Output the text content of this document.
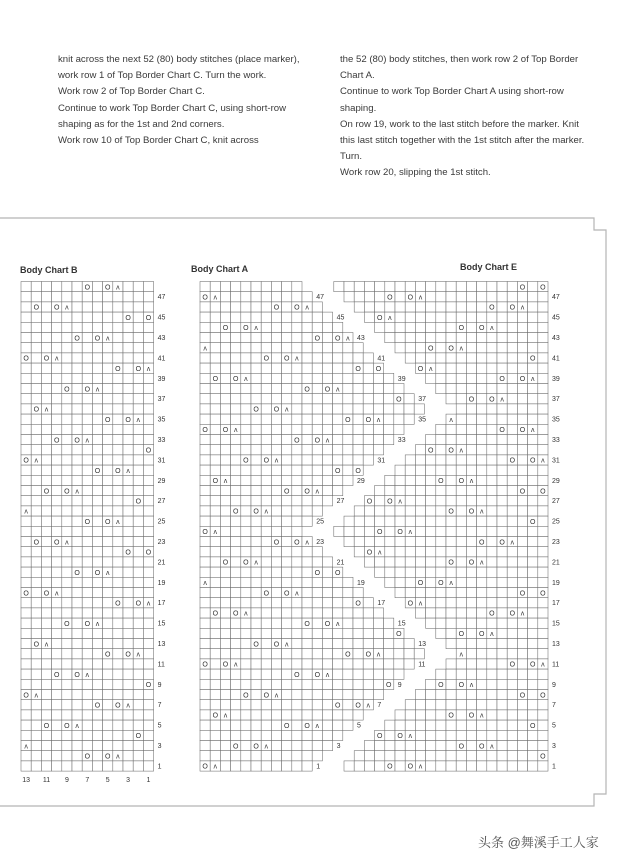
knit across the next 52 (80) body stitches (place marker), work row 1 of Top Border Chart C. Turn the work.

Work row 2 of Top Border Chart C.

Continue to work Top Border Chart C, using short-row shaping as for the 1st and 2nd corners.

Work row 10 of Top Border Chart C, knit across

the 52 (80) body stitches, then work row 2 of Top Border Chart A.

Continue to work Top Border Chart A using short-row shaping.

On row 19, work to the last stitch before the marker. Knit this last stitch together with the 1st stitch after the marker. Turn.

Work row 20, slipping the 1st stitch.

Body Chart B	Body Chart A	Body Chart E
O O ʌ
O O ʌ
O O
O O ʌ
O O ʌ
O O ʌ
O O ʌ
O ʌ
O O ʌ
O O ʌ
O
O ʌ
O O ʌ
O O ʌ
O
ʌ
O O ʌ
O O ʌ
O O
O O ʌ
O O ʌ
O O ʌ
O O ʌ
O ʌ
O O ʌ
O O ʌ
O
O ʌ
O O ʌ
O O ʌ
O
ʌ
O O ʌ
47
45
43
41
39
37
35
33
31
29
27
25
23
21
19
17
15
13
11
9
7
5
3
1
13 11 9 7 5 3 1
O ʌ
O O ʌ
O O ʌ
O O ʌ
ʌ
O O ʌ
O O
O O ʌ
O O ʌ
O
O O ʌ
O O ʌ
O O ʌ
O O ʌ
O O ʌ
O O
O ʌ
O O ʌ
O O ʌ
O ʌ
O O ʌ
O O ʌ
O O
ʌ
O O ʌ
O
O O ʌ
O O ʌ
O
O O ʌ
O O ʌ
O O ʌ
O O ʌ
O
O O ʌ
O O ʌ
O ʌ
O O ʌ
O O ʌ
O ʌ
47
45
43
41
39
37
35
33
31
29
27
25
23
21
19
17
15
13
11
9
7
5
3
1
O O
O O ʌ
O O ʌ
O ʌ
O O ʌ
O O ʌ
O
O ʌ
O O ʌ
O O ʌ
ʌ
O O ʌ
O O ʌ
O O ʌ
O O ʌ
O O
O O ʌ
O O ʌ
O
O O ʌ
O O ʌ
O ʌ
O O ʌ
O O ʌ
O O
O ʌ
O O ʌ
O O ʌ
ʌ
O O ʌ
O O ʌ
O O
O O ʌ
O
O O ʌ
O O ʌ
O
O O ʌ
47
45
43
41
39
37
35
33
31
29
27
25
23
21
19
17
15
13
11
9
7
5
3
1
头条 @舞溪手工人家
